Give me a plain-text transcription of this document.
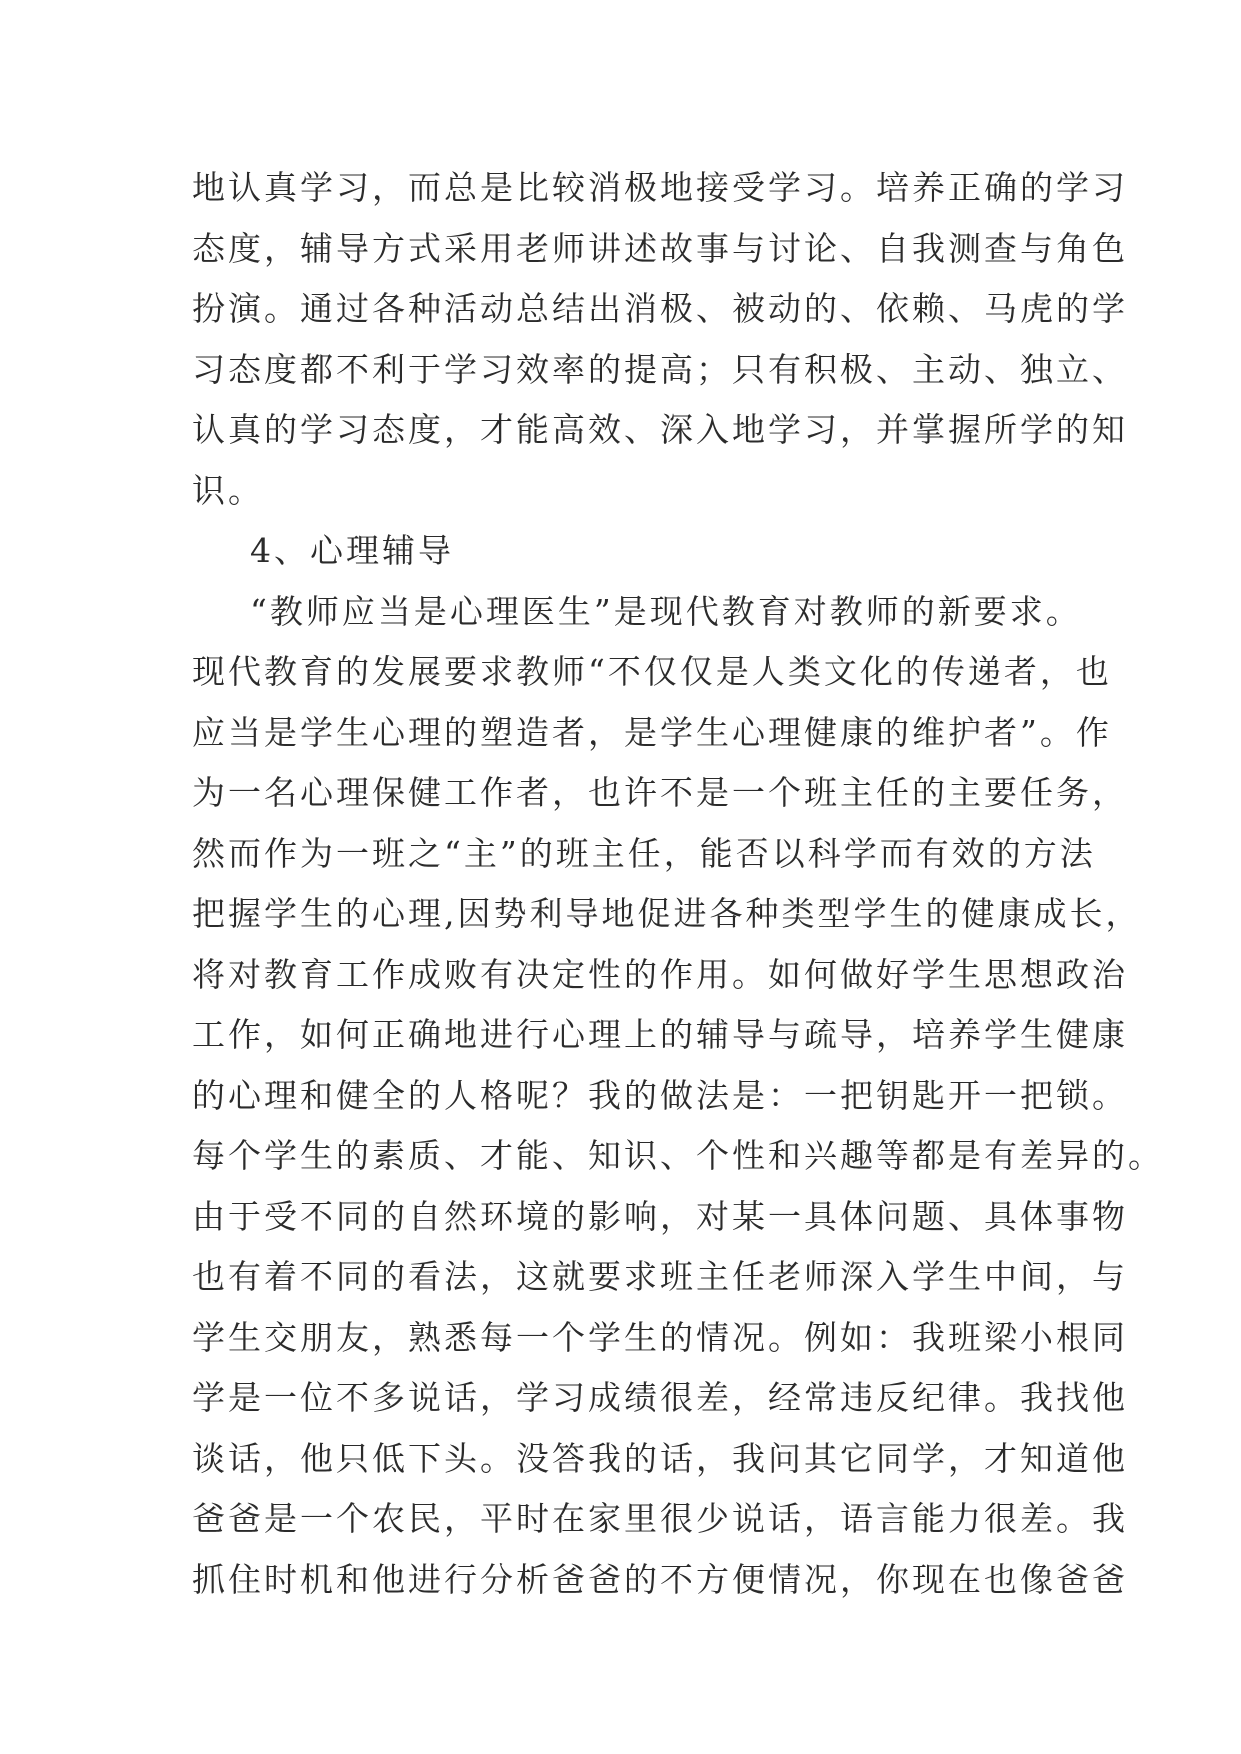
地认真学习，而总是比较消极地接受学习。培养正确的学习
态度，辅导方式采用老师讲述故事与讨论、自我测查与角色
扮演。通过各种活动总结出消极、被动的、依赖、马虎的学
习态度都不利于学习效率的提高；只有积极、主动、独立、
认真的学习态度，才能高效、深入地学习，并掌握所学的知
识。
4、心理辅导
“教师应当是心理医生”是现代教育对教师的新要求。
现代教育的发展要求教师“不仅仅是人类文化的传递者，也
应当是学生心理的塑造者，是学生心理健康的维护者”。作
为一名心理保健工作者，也许不是一个班主任的主要任务，
然而作为一班之“主”的班主任，能否以科学而有效的方法
把握学生的心理,因势利导地促进各种类型学生的健康成长，
将对教育工作成败有决定性的作用。如何做好学生思想政治
工作，如何正确地进行心理上的辅导与疏导，培养学生健康
的心理和健全的人格呢？我的做法是：一把钥匙开一把锁。
每个学生的素质、才能、知识、个性和兴趣等都是有差异的。
由于受不同的自然环境的影响，对某一具体问题、具体事物
也有着不同的看法，这就要求班主任老师深入学生中间，与
学生交朋友，熟悉每一个学生的情况。例如：我班梁小根同
学是一位不多说话，学习成绩很差，经常违反纪律。我找他
谈话，他只低下头。没答我的话，我问其它同学，才知道他
爸爸是一个农民，平时在家里很少说话，语言能力很差。我
抓住时机和他进行分析爸爸的不方便情况，你现在也像爸爸
